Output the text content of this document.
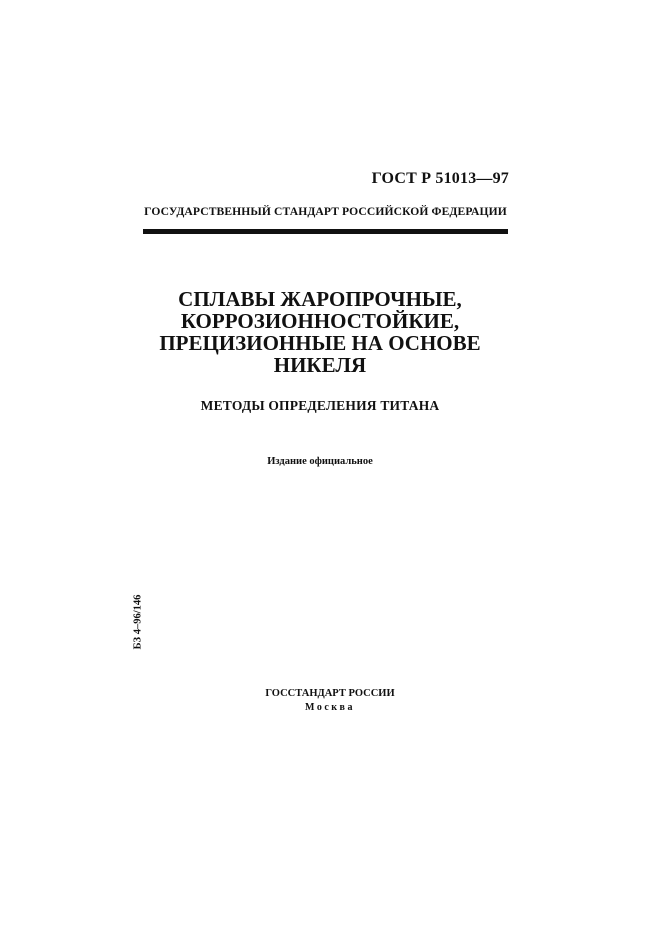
ГОСТ Р 51013—97
ГОСУДАРСТВЕННЫЙ СТАНДАРТ РОССИЙСКОЙ ФЕДЕРАЦИИ
СПЛАВЫ ЖАРОПРОЧНЫЕ,
КОРРОЗИОННОСТОЙКИЕ,
ПРЕЦИЗИОННЫЕ НА ОСНОВЕ
НИКЕЛЯ
МЕТОДЫ ОПРЕДЕЛЕНИЯ ТИТАНА
Издание официальное
БЗ 4–96/146
ГОССТАНДАРТ РОССИИ
Москва
